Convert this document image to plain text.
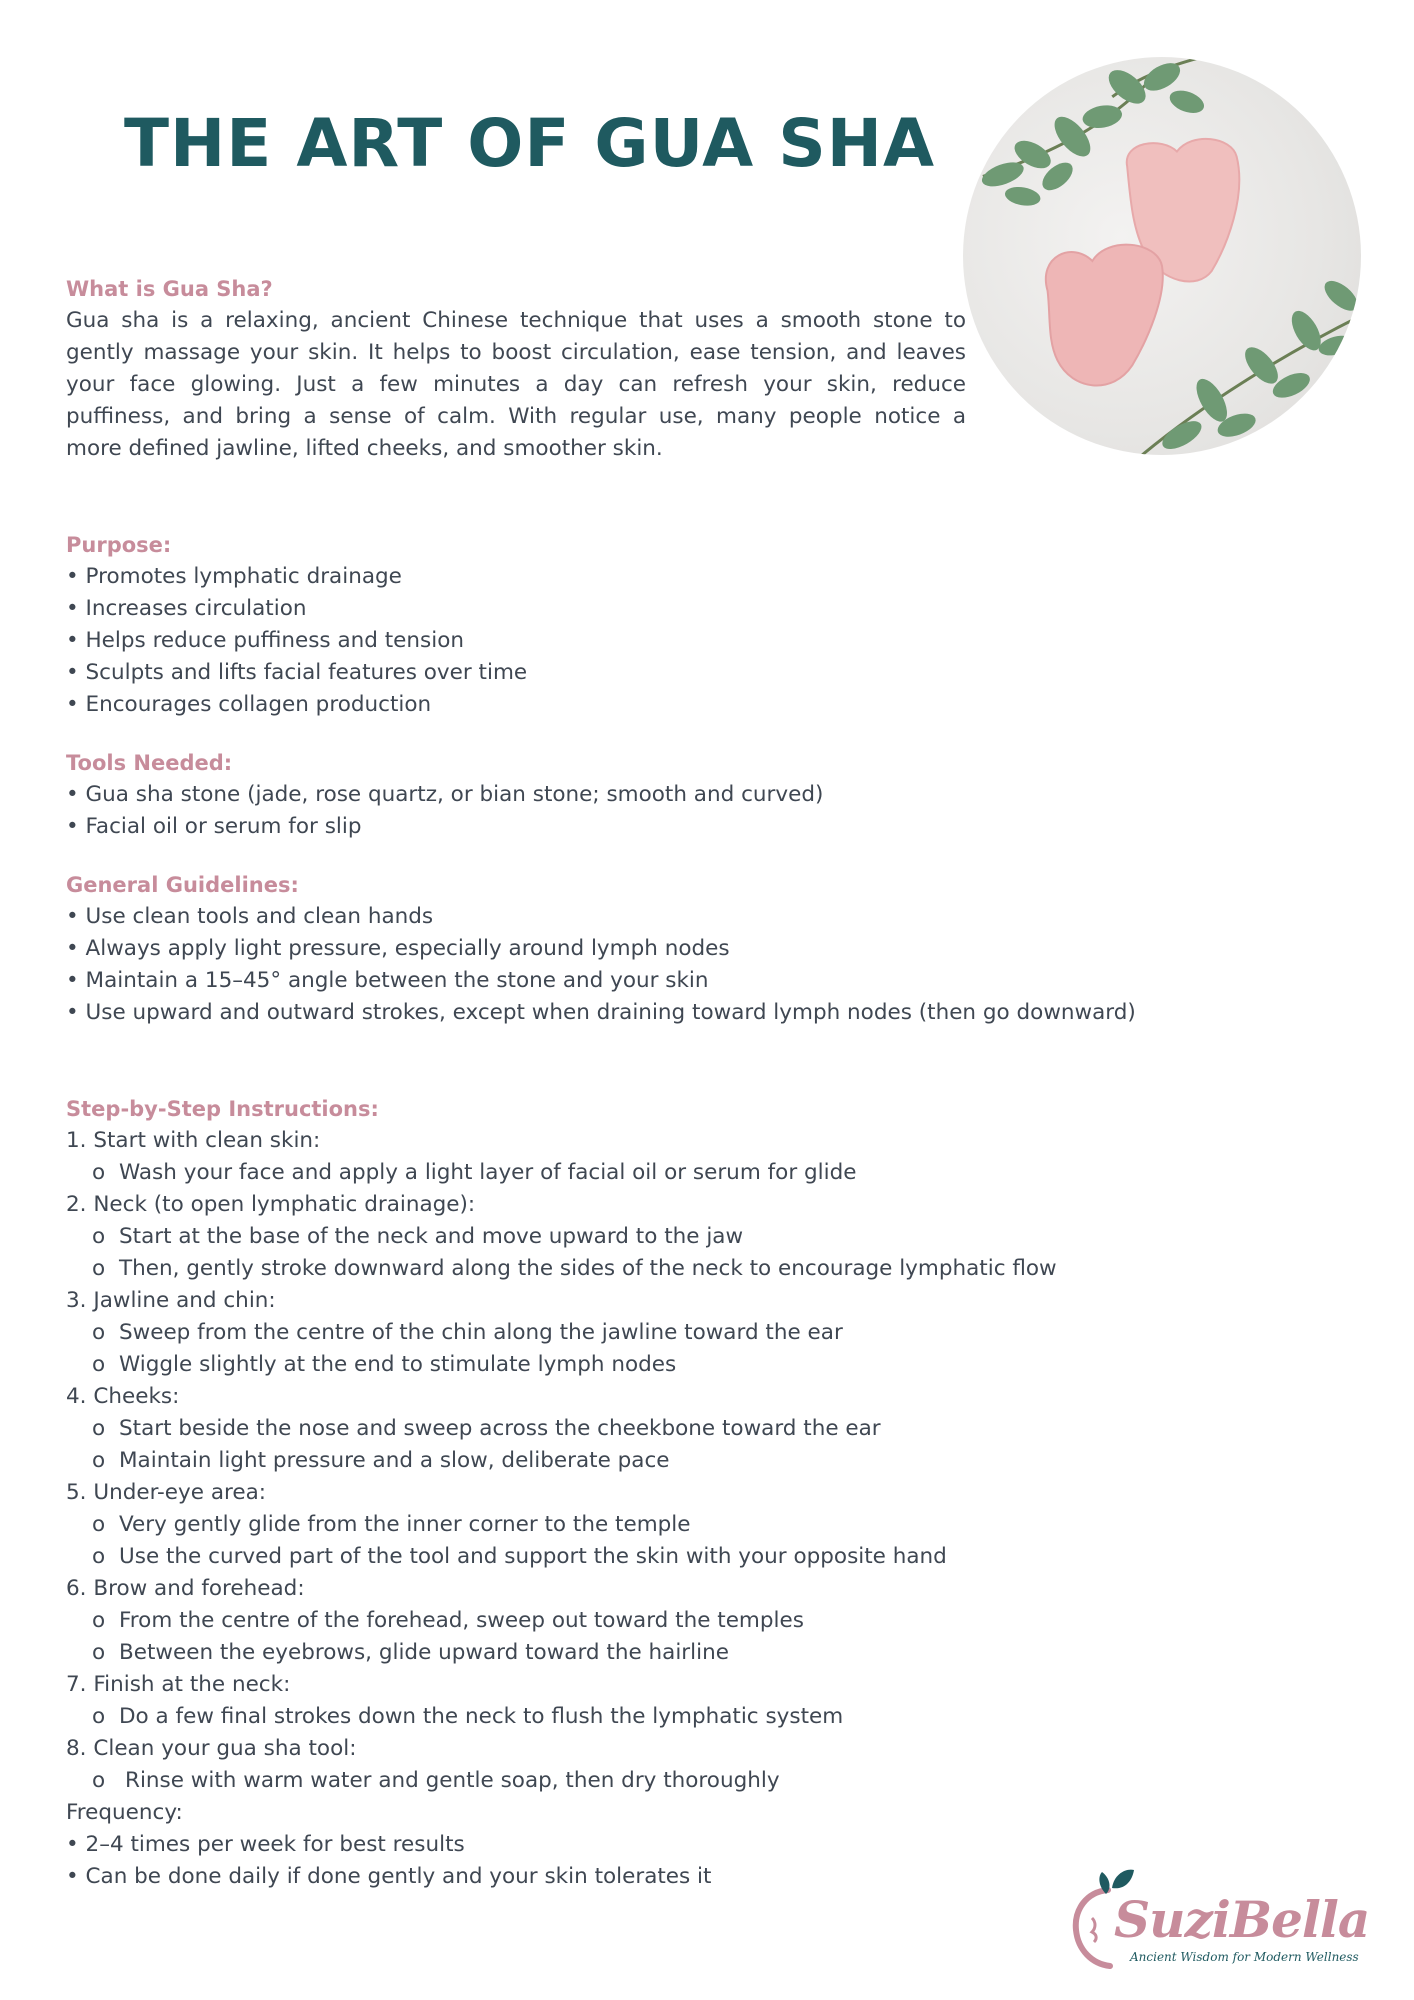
THE ART OF GUA SHA
What is Gua Sha?
Gua sha is a relaxing, ancient Chinese technique that uses a smooth stone to
gently massage your skin. It helps to boost circulation, ease tension, and leaves
your face glowing. Just a few minutes a day can refresh your skin, reduce
puffiness, and bring a sense of calm. With regular use, many people notice a
more defined jawline, lifted cheeks, and smoother skin.
Purpose:
• Promotes lymphatic drainage
• Increases circulation
• Helps reduce puffiness and tension
• Sculpts and lifts facial features over time
• Encourages collagen production
Tools Needed:
• Gua sha stone (jade, rose quartz, or bian stone; smooth and curved)
• Facial oil or serum for slip
General Guidelines:
• Use clean tools and clean hands
• Always apply light pressure, especially around lymph nodes
• Maintain a 15–45° angle between the stone and your skin
• Use upward and outward strokes, except when draining toward lymph nodes (then go downward)
Step-by-Step Instructions:
1. Start with clean skin:
o Wash your face and apply a light layer of facial oil or serum for glide
2. Neck (to open lymphatic drainage):
o Start at the base of the neck and move upward to the jaw
o Then, gently stroke downward along the sides of the neck to encourage lymphatic flow
3. Jawline and chin:
o Sweep from the centre of the chin along the jawline toward the ear
o Wiggle slightly at the end to stimulate lymph nodes
4. Cheeks:
o Start beside the nose and sweep across the cheekbone toward the ear
o Maintain light pressure and a slow, deliberate pace
5. Under-eye area:
o Very gently glide from the inner corner to the temple
o Use the curved part of the tool and support the skin with your opposite hand
6. Brow and forehead:
o From the centre of the forehead, sweep out toward the temples
o Between the eyebrows, glide upward toward the hairline
7. Finish at the neck:
o Do a few final strokes down the neck to flush the lymphatic system
8. Clean your gua sha tool:
o Rinse with warm water and gentle soap, then dry thoroughly
Frequency:
• 2–4 times per week for best results
• Can be done daily if done gently and your skin tolerates it
SuziBella
Ancient Wisdom for Modern Wellness
